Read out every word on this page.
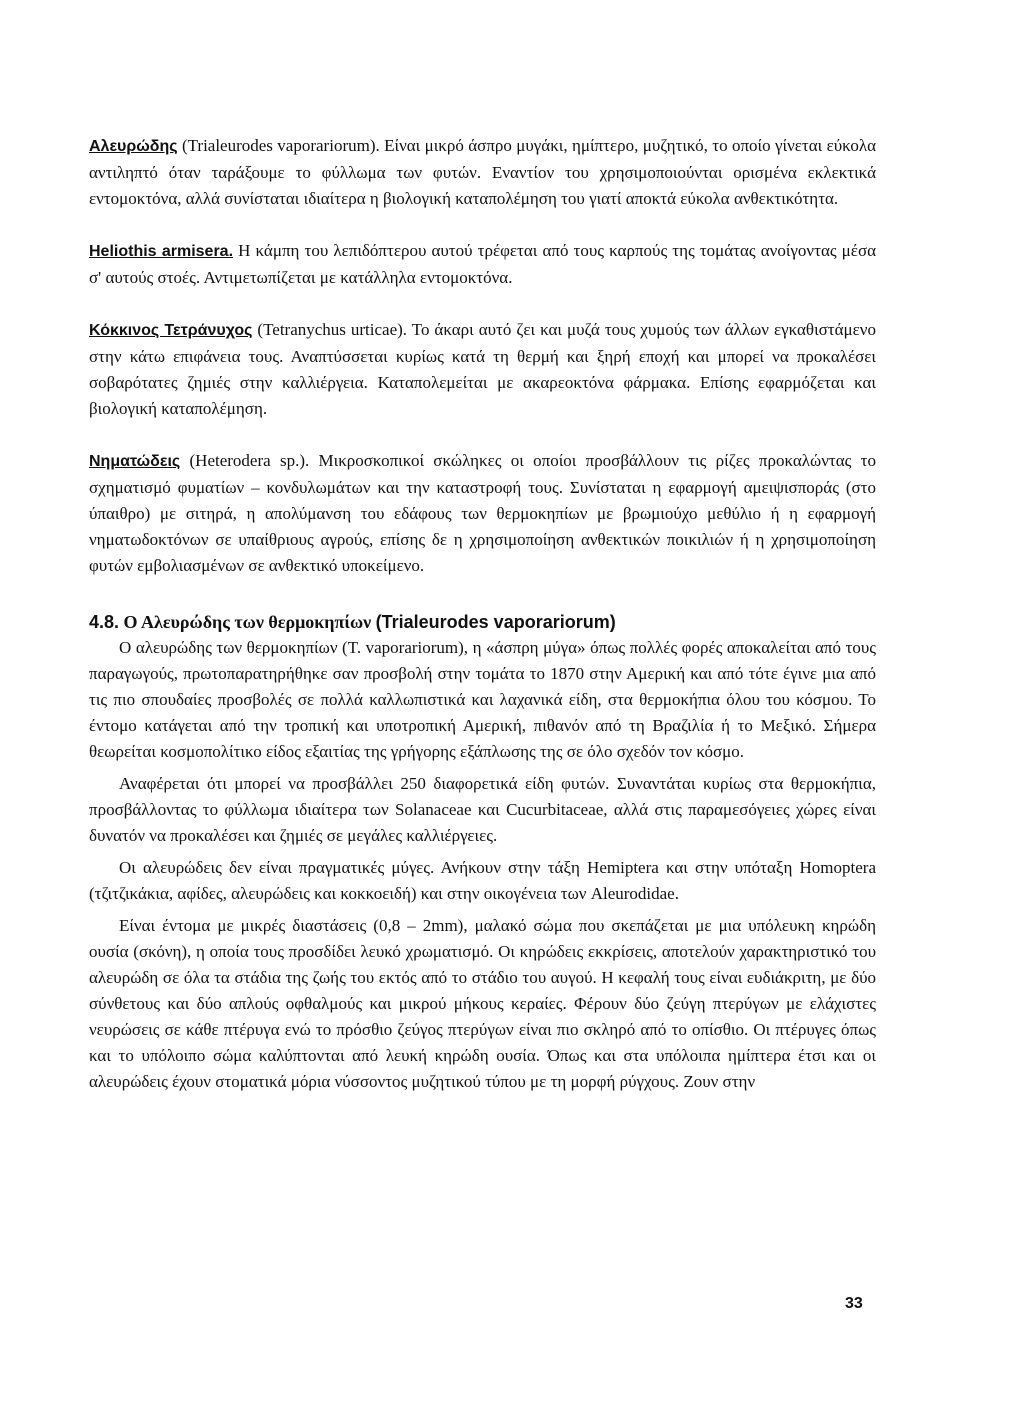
Αλευρώδης (Trialeurodes vaporariorum). Είναι μικρό άσπρο μυγάκι, ημίπτερο, μυζητικό, το οποίο γίνεται εύκολα αντιληπτό όταν ταράξουμε το φύλλωμα των φυτών. Εναντίον του χρησιμοποιούνται ορισμένα εκλεκτικά εντομοκτόνα, αλλά συνίσταται ιδιαίτερα η βιολογική καταπολέμηση του γιατί αποκτά εύκολα ανθεκτικότητα.

Heliothis armisera. Η κάμπη του λεπιδόπτερου αυτού τρέφεται από τους καρπούς της τομάτας ανοίγοντας μέσα σ' αυτούς στοές. Αντιμετωπίζεται με κατάλληλα εντομοκτόνα.

Κόκκινος Τετράνυχος (Tetranychus urticae). Το άκαρι αυτό ζει και μυζά τους χυμούς των άλλων εγκαθιστάμενο στην κάτω επιφάνεια τους. Αναπτύσσεται κυρίως κατά τη θερμή και ξηρή εποχή και μπορεί να προκαλέσει σοβαρότατες ζημιές στην καλλιέργεια. Καταπολεμείται με ακαρεοκτόνα φάρμακα. Επίσης εφαρμόζεται και βιολογική καταπολέμηση.

Νηματώδεις (Heterodera sp.). Μικροσκοπικοί σκώληκες οι οποίοι προσβάλλουν τις ρίζες προκαλώντας το σχηματισμό φυματίων – κονδυλωμάτων και την καταστροφή τους. Συνίσταται η εφαρμογή αμειψισποράς (στο ύπαιθρο) με σιτηρά, η απολύμανση του εδάφους των θερμοκηπίων με βρωμιούχο μεθύλιο ή η εφαρμογή νηματωδοκτόνων σε υπαίθριους αγρούς, επίσης δε η χρησιμοποίηση ανθεκτικών ποικιλιών ή η χρησιμοποίηση φυτών εμβολιασμένων σε ανθεκτικό υποκείμενο.

4.8. Ο Αλευρώδης των θερμοκηπίων (Trialeurodes vaporariorum)

Ο αλευρώδης των θερμοκηπίων (T. vaporariorum), η «άσπρη μύγα» όπως πολλές φορές αποκαλείται από τους παραγωγούς, πρωτοπαρατηρήθηκε σαν προσβολή στην τομάτα το 1870 στην Αμερική και από τότε έγινε μια από τις πιο σπουδαίες προσβολές σε πολλά καλλωπιστικά και λαχανικά είδη, στα θερμοκήπια όλου του κόσμου. Το έντομο κατάγεται από την τροπική και υποτροπική Αμερική, πιθανόν από τη Βραζιλία ή το Μεξικό. Σήμερα θεωρείται κοσμοπολίτικο είδος εξαιτίας της γρήγορης εξάπλωσης της σε όλο σχεδόν τον κόσμο.

Αναφέρεται ότι μπορεί να προσβάλλει 250 διαφορετικά είδη φυτών. Συναντάται κυρίως στα θερμοκήπια, προσβάλλοντας το φύλλωμα ιδιαίτερα των Solanaceae και Cucurbitaceae, αλλά στις παραμεσόγειες χώρες είναι δυνατόν να προκαλέσει και ζημιές σε μεγάλες καλλιέργειες.

Οι αλευρώδεις δεν είναι πραγματικές μύγες. Ανήκουν στην τάξη Hemiptera και στην υπόταξη Homoptera (τζιτζικάκια, αφίδες, αλευρώδεις και κοκκοειδή) και στην οικογένεια των Aleurodidae.

Είναι έντομα με μικρές διαστάσεις (0,8 – 2mm), μαλακό σώμα που σκεπάζεται με μια υπόλευκη κηρώδη ουσία (σκόνη), η οποία τους προσδίδει λευκό χρωματισμό. Οι κηρώδεις εκκρίσεις, αποτελούν χαρακτηριστικό του αλευρώδη σε όλα τα στάδια της ζωής του εκτός από το στάδιο του αυγού. Η κεφαλή τους είναι ευδιάκριτη, με δύο σύνθετους και δύο απλούς οφθαλμούς και μικρού μήκους κεραίες. Φέρουν δύο ζεύγη πτερύγων με ελάχιστες νευρώσεις σε κάθε πτέρυγα ενώ το πρόσθιο ζεύγος πτερύγων είναι πιο σκληρό από το οπίσθιο. Οι πτέρυγες όπως και το υπόλοιπο σώμα καλύπτονται από λευκή κηρώδη ουσία. Όπως και στα υπόλοιπα ημίπτερα έτσι και οι αλευρώδεις έχουν στοματικά μόρια νύσσοντος μυζητικού τύπου με τη μορφή ρύγχους. Ζουν στην

33
